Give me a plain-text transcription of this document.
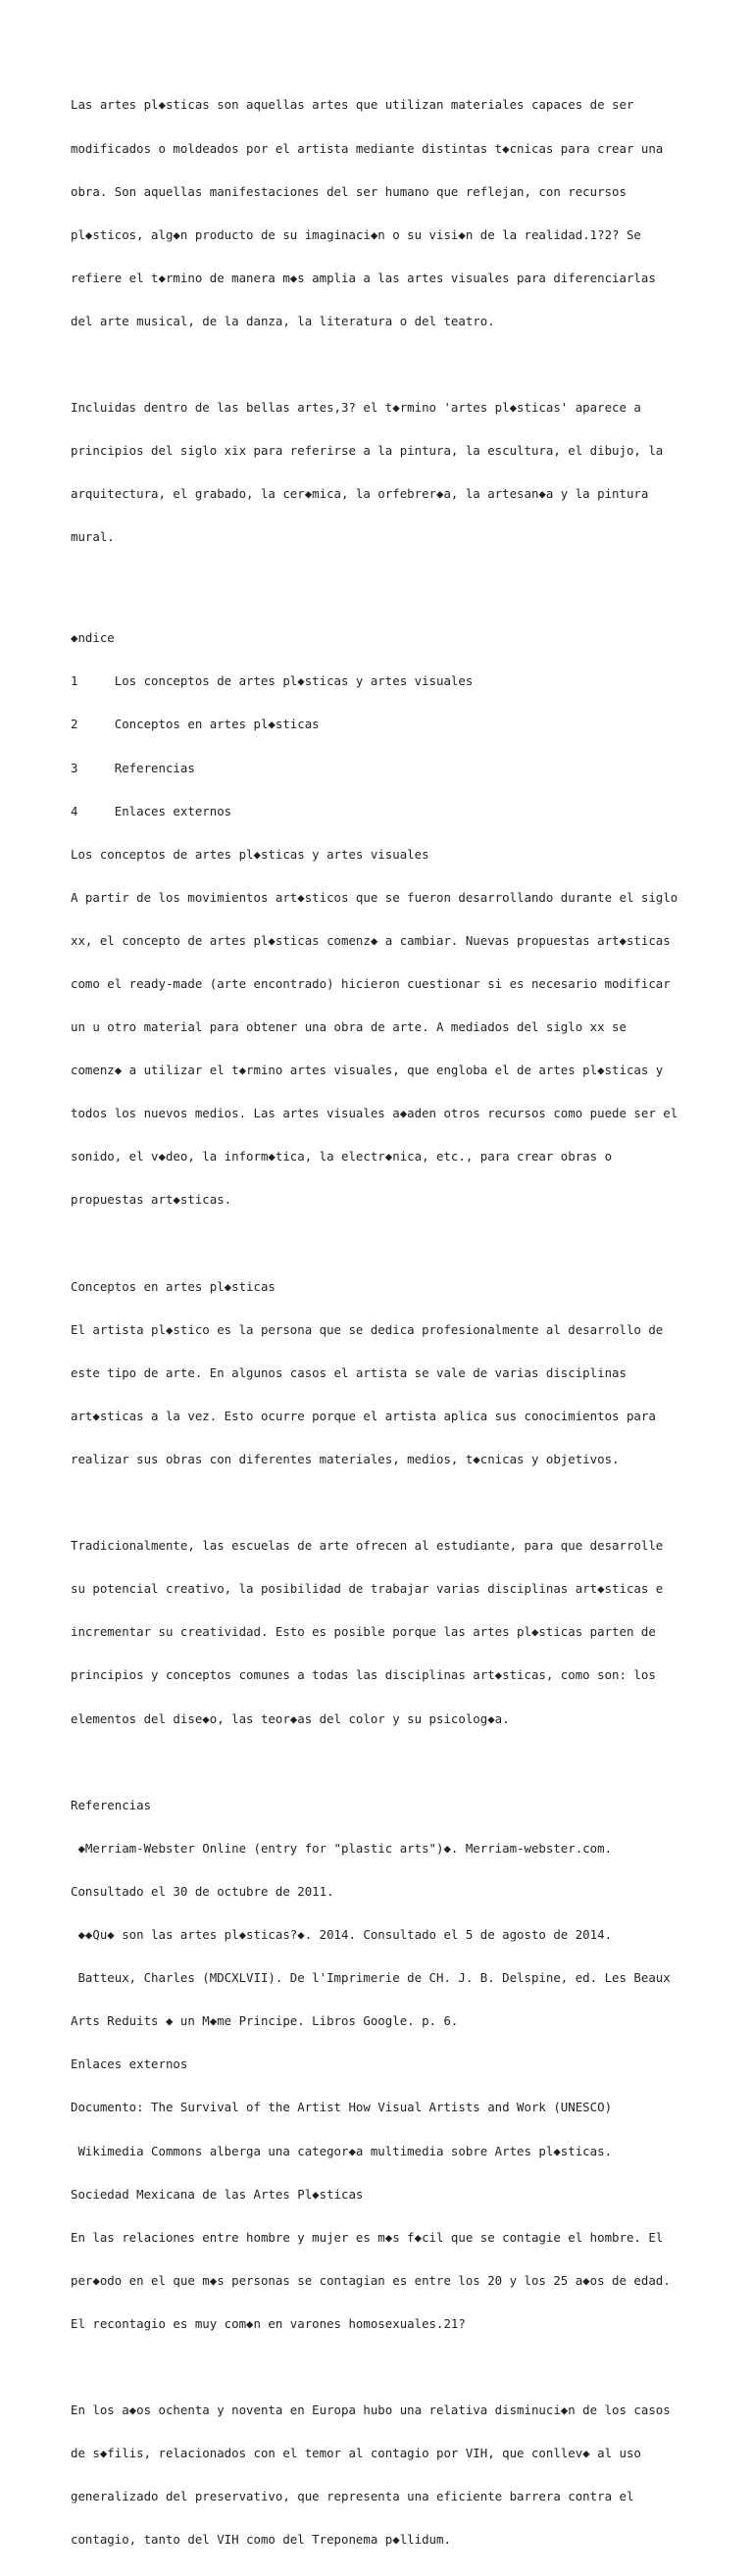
Las artes pl◆sticas son aquellas artes que utilizan materiales capaces de ser

modificados o moldeados por el artista mediante distintas t◆cnicas para crear una

obra. Son aquellas manifestaciones del ser humano que reflejan, con recursos

pl◆sticos, alg◆n producto de su imaginaci◆n o su visi◆n de la realidad.1?2? Se

refiere el t◆rmino de manera m◆s amplia a las artes visuales para diferenciarlas

del arte musical, de la danza, la literatura o del teatro.

Incluidas dentro de las bellas artes,3? el t◆rmino 'artes pl◆sticas' aparece a

principios del siglo xix para referirse a la pintura, la escultura, el dibujo, la

arquitectura, el grabado, la cer◆mica, la orfebrer◆a, la artesan◆a y la pintura

mural.

◆ndice

1     Los conceptos de artes pl◆sticas y artes visuales

2     Conceptos en artes pl◆sticas

3     Referencias

4     Enlaces externos

Los conceptos de artes pl◆sticas y artes visuales

A partir de los movimientos art◆sticos que se fueron desarrollando durante el siglo

xx, el concepto de artes pl◆sticas comenz◆ a cambiar. Nuevas propuestas art◆sticas

como el ready-made (arte encontrado) hicieron cuestionar si es necesario modificar

un u otro material para obtener una obra de arte. A mediados del siglo xx se

comenz◆ a utilizar el t◆rmino artes visuales, que engloba el de artes pl◆sticas y

todos los nuevos medios. Las artes visuales a◆aden otros recursos como puede ser el

sonido, el v◆deo, la inform◆tica, la electr◆nica, etc., para crear obras o

propuestas art◆sticas.

Conceptos en artes pl◆sticas

El artista pl◆stico es la persona que se dedica profesionalmente al desarrollo de

este tipo de arte. En algunos casos el artista se vale de varias disciplinas

art◆sticas a la vez. Esto ocurre porque el artista aplica sus conocimientos para

realizar sus obras con diferentes materiales, medios, t◆cnicas y objetivos.

Tradicionalmente, las escuelas de arte ofrecen al estudiante, para que desarrolle

su potencial creativo, la posibilidad de trabajar varias disciplinas art◆sticas e

incrementar su creatividad. Esto es posible porque las artes pl◆sticas parten de

principios y conceptos comunes a todas las disciplinas art◆sticas, como son: los

elementos del dise◆o, las teor◆as del color y su psicolog◆a.

Referencias

◆Merriam-Webster Online (entry for "plastic arts")◆. Merriam-webster.com.

Consultado el 30 de octubre de 2011.

◆◆Qu◆ son las artes pl◆sticas?◆. 2014. Consultado el 5 de agosto de 2014.

Batteux, Charles (MDCXLVII). De l'Imprimerie de CH. J. B. Delspine, ed. Les Beaux

Arts Reduits ◆ un M◆me Principe. Libros Google. p. 6.

Enlaces externos

Documento: The Survival of the Artist How Visual Artists and Work (UNESCO)

Wikimedia Commons alberga una categor◆a multimedia sobre Artes pl◆sticas.

Sociedad Mexicana de las Artes Pl◆sticas

En las relaciones entre hombre y mujer es m◆s f◆cil que se contagie el hombre. El

per◆odo en el que m◆s personas se contagian es entre los 20 y los 25 a◆os de edad.

El recontagio es muy com◆n en varones homosexuales.21?

En los a◆os ochenta y noventa en Europa hubo una relativa disminuci◆n de los casos

de s◆filis, relacionados con el temor al contagio por VIH, que conllev◆ al uso

generalizado del preservativo, que representa una eficiente barrera contra el

contagio, tanto del VIH como del Treponema p◆llidum.
